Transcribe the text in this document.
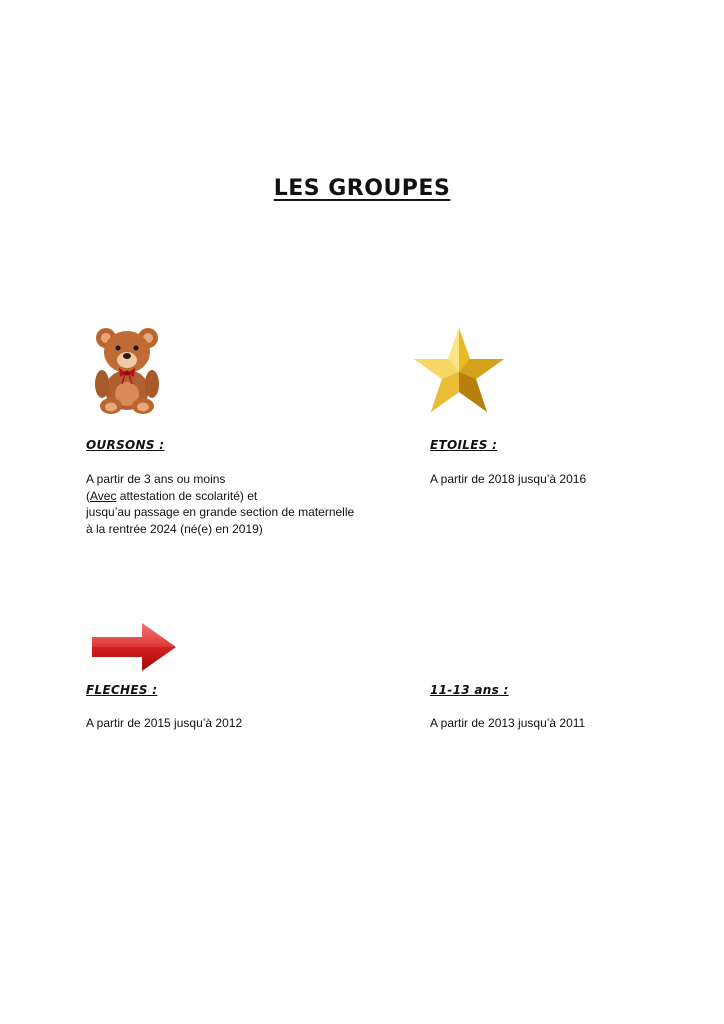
LES GROUPES
OURSONS :
A partir de 3 ans ou moins
(Avec attestation de scolarité) et
jusqu’au passage en grande section de maternelle
à la rentrée 2024 (né(e) en 2019)
ETOILES :
A partir de 2018 jusqu’à 2016
FLECHES :
A partir de 2015 jusqu’à 2012
11-13 ans :
A partir de 2013 jusqu’à 2011
